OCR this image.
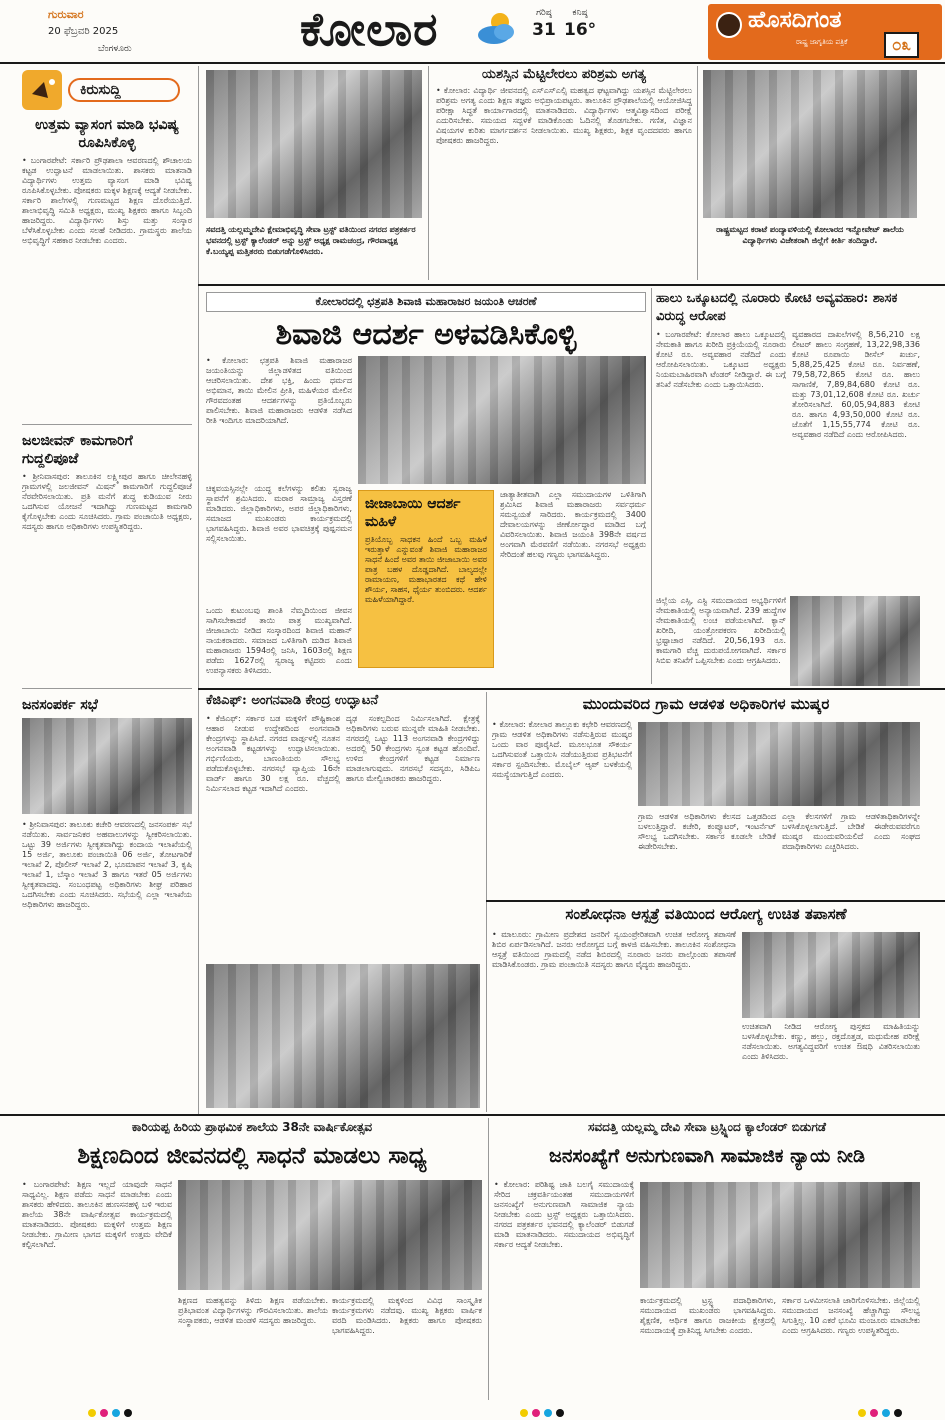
ಗುರುವಾರ
20 ಫೆಬ್ರವರಿ 2025
ಬೆಂಗಳೂರು	ಕೋಲಾರ	ಗರಿಷ್ಠ
31
ಕನಿಷ್ಠ
16°	ಹೊಸದಿಗಂತ
ರಾಷ್ಟ್ರ ಜಾಗೃತಿಯ ಪತ್ರಿಕೆ	೦೩
ಕಿರುಸುದ್ದಿ
ಉತ್ತಮ ವ್ಯಾಸಂಗ ಮಾಡಿ ಭವಿಷ್ಯ ರೂಪಿಸಿಕೊಳ್ಳಿ
• ಬಂಗಾರಪೇಟೆ: ಸರ್ಕಾರಿ ಪ್ರೌಢಶಾಲಾ ಆವರಣದಲ್ಲಿ ಶೌಚಾಲಯ ಕಟ್ಟಡ ಉದ್ಘಾಟನೆ ಮಾಡಲಾಯಿತು. ಶಾಸಕರು ಮಾತನಾಡಿ ವಿದ್ಯಾರ್ಥಿಗಳು ಉತ್ತಮ ವ್ಯಾಸಂಗ ಮಾಡಿ ಭವಿಷ್ಯ ರೂಪಿಸಿಕೊಳ್ಳಬೇಕು. ಪೋಷಕರು ಮಕ್ಕಳ ಶಿಕ್ಷಣಕ್ಕೆ ಆದ್ಯತೆ ನೀಡಬೇಕು. ಸರ್ಕಾರಿ ಶಾಲೆಗಳಲ್ಲಿ ಗುಣಮಟ್ಟದ ಶಿಕ್ಷಣ ದೊರೆಯುತ್ತಿದೆ. ಶಾಲಾಭಿವೃದ್ಧಿ ಸಮಿತಿ ಅಧ್ಯಕ್ಷರು, ಮುಖ್ಯ ಶಿಕ್ಷಕರು ಹಾಗೂ ಸಿಬ್ಬಂದಿ ಹಾಜರಿದ್ದರು. ವಿದ್ಯಾರ್ಥಿಗಳು ಶಿಸ್ತು ಮತ್ತು ಸಂಸ್ಕಾರ ಬೆಳೆಸಿಕೊಳ್ಳಬೇಕು ಎಂದು ಸಲಹೆ ನೀಡಿದರು. ಗ್ರಾಮಸ್ಥರು ಶಾಲೆಯ ಅಭಿವೃದ್ಧಿಗೆ ಸಹಕಾರ ನೀಡಬೇಕು ಎಂದರು.
ಜಲಜೀವನ್ ಕಾಮಗಾರಿಗೆ ಗುದ್ದಲಿಪೂಜೆ
• ಶ್ರೀನಿವಾಸಪುರ: ತಾಲೂಕಿನ ಲಕ್ಷ್ಮೀಪುರ ಹಾಗೂ ಚೀಲೇನಹಳ್ಳಿ ಗ್ರಾಮಗಳಲ್ಲಿ ಜಲಜೀವನ್ ಮಿಷನ್ ಕಾಮಗಾರಿಗೆ ಗುದ್ದಲಿಪೂಜೆ ನೆರವೇರಿಸಲಾಯಿತು. ಪ್ರತಿ ಮನೆಗೆ ಶುದ್ಧ ಕುಡಿಯುವ ನೀರು ಒದಗಿಸುವ ಯೋಜನೆ ಇದಾಗಿದ್ದು ಗುಣಮಟ್ಟದ ಕಾಮಗಾರಿ ಕೈಗೊಳ್ಳಬೇಕು ಎಂದು ಸೂಚಿಸಿದರು. ಗ್ರಾಮ ಪಂಚಾಯಿತಿ ಅಧ್ಯಕ್ಷರು, ಸದಸ್ಯರು ಹಾಗೂ ಅಧಿಕಾರಿಗಳು ಉಪಸ್ಥಿತರಿದ್ದರು.
ಜನಸಂಪರ್ಕ ಸಭೆ
• ಶ್ರೀನಿವಾಸಪುರ: ತಾಲೂಕು ಕಚೇರಿ ಆವರಣದಲ್ಲಿ ಜನಸಂಪರ್ಕ ಸಭೆ ನಡೆಯಿತು. ಸಾರ್ವಜನಿಕರ ಅಹವಾಲುಗಳನ್ನು ಸ್ವೀಕರಿಸಲಾಯಿತು. ಒಟ್ಟು 39 ಅರ್ಜಿಗಳು ಸ್ವೀಕೃತವಾಗಿದ್ದು ಕಂದಾಯ ಇಲಾಖೆಯಲ್ಲಿ 15 ಅರ್ಜಿ, ತಾಲೂಕು ಪಂಚಾಯಿತಿ 06 ಅರ್ಜಿ, ತೋಟಗಾರಿಕೆ ಇಲಾಖೆ 2, ಪೊಲೀಸ್ ಇಲಾಖೆ 2, ಭೂಮಾಪನ ಇಲಾಖೆ 3, ಕೃಷಿ ಇಲಾಖೆ 1, ಬೆಸ್ಕಾಂ ಇಲಾಖೆ 3 ಹಾಗೂ ಇತರೆ 05 ಅರ್ಜಿಗಳು ಸ್ವೀಕೃತವಾದವು. ಸಂಬಂಧಪಟ್ಟ ಅಧಿಕಾರಿಗಳು ಶೀಘ್ರ ಪರಿಹಾರ ಒದಗಿಸಬೇಕು ಎಂದು ಸೂಚಿಸಿದರು. ಸಭೆಯಲ್ಲಿ ಎಲ್ಲಾ ಇಲಾಖೆಯ ಅಧಿಕಾರಿಗಳು ಹಾಜರಿದ್ದರು.
ಸವದತ್ತಿ ಯಲ್ಲಮ್ಮದೇವಿ ಕ್ಷೇಮಾಭಿವೃದ್ಧಿ ಸೇವಾ ಟ್ರಸ್ಟ್ ವತಿಯಿಂದ ನಗರದ ಪತ್ರಕರ್ತರ ಭವನದಲ್ಲಿ ಟ್ರಸ್ಟ್ ಕ್ಯಾಲೆಂಡರ್ ಅನ್ನು ಟ್ರಸ್ಟ್ ಅಧ್ಯಕ್ಷ ರಾಮಚಂದ್ರ, ಗೌರವಾಧ್ಯಕ್ಷ ಕೆ.ಬಯ್ಯಪ್ಪ ಮತ್ತಿತರರು ಬಿಡುಗಡೆಗೊಳಿಸಿದರು.
ಯಶಸ್ಸಿನ ಮೆಟ್ಟಿಲೇರಲು ಪರಿಶ್ರಮ ಅಗತ್ಯ
• ಕೋಲಾರ: ವಿದ್ಯಾರ್ಥಿ ಜೀವನದಲ್ಲಿ ಎಸ್ಎಸ್ಎಲ್ಸಿ ಮಹತ್ವದ ಘಟ್ಟವಾಗಿದ್ದು ಯಶಸ್ಸಿನ ಮೆಟ್ಟಿಲೇರಲು ಪರಿಶ್ರಮ ಅಗತ್ಯ ಎಂದು ಶಿಕ್ಷಣ ತಜ್ಞರು ಅಭಿಪ್ರಾಯಪಟ್ಟರು. ತಾಲೂಕಿನ ಪ್ರೌಢಶಾಲೆಯಲ್ಲಿ ಆಯೋಜಿಸಿದ್ದ ಪರೀಕ್ಷಾ ಸಿದ್ಧತೆ ಕಾರ್ಯಾಗಾರದಲ್ಲಿ ಮಾತನಾಡಿದರು. ವಿದ್ಯಾರ್ಥಿಗಳು ಆತ್ಮವಿಶ್ವಾಸದಿಂದ ಪರೀಕ್ಷೆ ಎದುರಿಸಬೇಕು. ಸಮಯದ ಸದ್ಬಳಕೆ ಮಾಡಿಕೊಂಡು ಓದಿನಲ್ಲಿ ತೊಡಗಬೇಕು. ಗಣಿತ, ವಿಜ್ಞಾನ ವಿಷಯಗಳ ಕುರಿತು ಮಾರ್ಗದರ್ಶನ ನೀಡಲಾಯಿತು. ಮುಖ್ಯ ಶಿಕ್ಷಕರು, ಶಿಕ್ಷಕ ವೃಂದದವರು ಹಾಗೂ ಪೋಷಕರು ಹಾಜರಿದ್ದರು.
ರಾಷ್ಟ್ರಮಟ್ಟದ ಕರಾಟೆ ಪಂದ್ಯಾವಳಿಯಲ್ಲಿ ಕೋಲಾರದ ಇನ್ನೋವೇಟ್ ಶಾಲೆಯ ವಿದ್ಯಾರ್ಥಿಗಳು ವಿಜೇತರಾಗಿ ಜಿಲ್ಲೆಗೆ ಕೀರ್ತಿ ತಂದಿದ್ದಾರೆ.
ಕೋಲಾರದಲ್ಲಿ ಛತ್ರಪತಿ ಶಿವಾಜಿ ಮಹಾರಾಜರ ಜಯಂತಿ ಆಚರಣೆ
ಶಿವಾಜಿ ಆದರ್ಶ ಅಳವಡಿಸಿಕೊಳ್ಳಿ
• ಕೋಲಾರ: ಛತ್ರಪತಿ ಶಿವಾಜಿ ಮಹಾರಾಜರ ಜಯಂತಿಯನ್ನು ಜಿಲ್ಲಾಡಳಿತದ ವತಿಯಿಂದ ಆಚರಿಸಲಾಯಿತು. ದೇಶ ಭಕ್ತಿ, ಹಿಂದು ಧರ್ಮದ ಅಭಿಮಾನ, ತಾಯಿ ಮೇಲಿನ ಪ್ರೀತಿ, ಮಹಿಳೆಯರ ಮೇಲಿನ ಗೌರವದಂತಹ ಆದರ್ಶಗಳನ್ನು ಪ್ರತಿಯೊಬ್ಬರು ಪಾಲಿಸಬೇಕು. ಶಿವಾಜಿ ಮಹಾರಾಜರು ಆಡಳಿತ ನಡೆಸಿದ ರೀತಿ ಇಂದಿಗೂ ಮಾದರಿಯಾಗಿದೆ.
ಚಿಕ್ಕವಯಸ್ಸಿನಲ್ಲೇ ಯುದ್ಧ ಕಲೆಗಳನ್ನು ಕಲಿತು ಸ್ವರಾಜ್ಯ ಸ್ಥಾಪನೆಗೆ ಶ್ರಮಿಸಿದರು. ಮರಾಠ ಸಾಮ್ರಾಜ್ಯ ವಿಸ್ತರಣೆ ಮಾಡಿದರು. ಜಿಲ್ಲಾಧಿಕಾರಿಗಳು, ಅಪರ ಜಿಲ್ಲಾಧಿಕಾರಿಗಳು, ಸಮಾಜದ ಮುಖಂಡರು ಕಾರ್ಯಕ್ರಮದಲ್ಲಿ ಭಾಗವಹಿಸಿದ್ದರು. ಶಿವಾಜಿ ಅವರ ಭಾವಚಿತ್ರಕ್ಕೆ ಪುಷ್ಪನಮನ ಸಲ್ಲಿಸಲಾಯಿತು.
ಜೀಜಾಬಾಯಿ ಆದರ್ಶ ಮಹಿಳೆ
ಪ್ರತಿಯೊಬ್ಬ ಸಾಧಕನ ಹಿಂದೆ ಒಬ್ಬ ಮಹಿಳೆ ಇರುತ್ತಾಳೆ ಎನ್ನುವಂತೆ ಶಿವಾಜಿ ಮಹಾರಾಜರ ಸಾಧನೆ ಹಿಂದೆ ಅವರ ತಾಯಿ ಜೀಜಾಬಾಯಿ ಅವರ ಪಾತ್ರ ಬಹಳ ದೊಡ್ಡದಾಗಿದೆ. ಬಾಲ್ಯದಲ್ಲೇ ರಾಮಾಯಣ, ಮಹಾಭಾರತದ ಕಥೆ ಹೇಳಿ ಶೌರ್ಯ, ಸಾಹಸ, ಧೈರ್ಯ ತುಂಬಿದರು. ಆದರ್ಶ ಮಹಿಳೆಯಾಗಿದ್ದಾರೆ.
ಒಂದು ಕುಟುಂಬವು ಶಾಂತಿ ನೆಮ್ಮದಿಯಿಂದ ಜೀವನ ಸಾಗಿಸಬೇಕಾದರೆ ತಾಯಿ ಪಾತ್ರ ಮುಖ್ಯವಾಗಿದೆ. ಜೀಜಾಬಾಯಿ ನೀಡಿದ ಸಂಸ್ಕಾರದಿಂದ ಶಿವಾಜಿ ಮಹಾನ್ ನಾಯಕರಾದರು. ಸಮಾಜದ ಒಳಿತಿಗಾಗಿ ದುಡಿದ ಶಿವಾಜಿ ಮಹಾರಾಜರು 1594ರಲ್ಲಿ ಜನಿಸಿ, 1603ರಲ್ಲಿ ಶಿಕ್ಷಣ ಪಡೆದು 1627ರಲ್ಲಿ ಸ್ವರಾಜ್ಯ ಕಟ್ಟಿದರು ಎಂದು ಉಪನ್ಯಾಸಕರು ತಿಳಿಸಿದರು.
ಜಾತ್ಯಾತೀತವಾಗಿ ಎಲ್ಲಾ ಸಮುದಾಯಗಳ ಒಳಿತಿಗಾಗಿ ಶ್ರಮಿಸಿದ ಶಿವಾಜಿ ಮಹಾರಾಜರು ಸರ್ವಧರ್ಮ ಸಮನ್ವಯತೆ ಸಾರಿದರು. ಕಾರ್ಯಕ್ರಮದಲ್ಲಿ 3400 ದೇವಾಲಯಗಳನ್ನು ಜೀರ್ಣೋದ್ಧಾರ ಮಾಡಿದ ಬಗ್ಗೆ ವಿವರಿಸಲಾಯಿತು. ಶಿವಾಜಿ ಜಯಂತಿ 398ನೇ ವರ್ಷದ ಅಂಗವಾಗಿ ಮೆರವಣಿಗೆ ನಡೆಯಿತು. ನಗರಸಭೆ ಅಧ್ಯಕ್ಷರು ಸೇರಿದಂತೆ ಹಲವು ಗಣ್ಯರು ಭಾಗವಹಿಸಿದ್ದರು.
ಹಾಲು ಒಕ್ಕೂಟದಲ್ಲಿ ನೂರಾರು ಕೋಟಿ ಅವ್ಯವಹಾರ: ಶಾಸಕ ವಿರುದ್ಧ ಆರೋಪ
• ಬಂಗಾರಪೇಟೆ: ಕೋಲಾರ ಹಾಲು ಒಕ್ಕೂಟದಲ್ಲಿ ನೇಮಕಾತಿ ಹಾಗೂ ಖರೀದಿ ಪ್ರಕ್ರಿಯೆಯಲ್ಲಿ ನೂರಾರು ಕೋಟಿ ರೂ. ಅವ್ಯವಹಾರ ನಡೆದಿದೆ ಎಂದು ಆರೋಪಿಸಲಾಯಿತು. ಒಕ್ಕೂಟದ ಅಧ್ಯಕ್ಷರು ನಿಯಮಬಾಹಿರವಾಗಿ ಟೆಂಡರ್ ನೀಡಿದ್ದಾರೆ. ಈ ಬಗ್ಗೆ ತನಿಖೆ ನಡೆಸಬೇಕು ಎಂದು ಒತ್ತಾಯಿಸಿದರು.
ವ್ಯವಹಾರದ ದಾಖಲೆಗಳಲ್ಲಿ 8,56,210 ಲಕ್ಷ ಲೀಟರ್ ಹಾಲು ಸಂಗ್ರಹಣೆ, 13,22,98,336 ಕೋಟಿ ರೂಪಾಯಿ ಡೀಸೆಲ್ ಖರ್ಚು, 5,88,25,425 ಕೋಟಿ ರೂ. ನಿರ್ವಹಣೆ, 79,58,72,865 ಕೋಟಿ ರೂ. ಹಾಲು ಸಾಗಾಣಿಕೆ, 7,89,84,680 ಕೋಟಿ ರೂ. ಮತ್ತು 73,01,12,608 ಕೋಟಿ ರೂ. ಖರ್ಚು ತೋರಿಸಲಾಗಿದೆ. 60,05,94,883 ಕೋಟಿ ರೂ. ಹಾಗೂ 4,93,50,000 ಕೋಟಿ ರೂ. ಜೊತೆಗೆ 1,15,55,774 ಕೋಟಿ ರೂ. ಅವ್ಯವಹಾರ ನಡೆದಿದೆ ಎಂದು ಆರೋಪಿಸಿದರು.
ಜಿಲ್ಲೆಯ ಎಸ್ಸಿ, ಎಸ್ಟಿ ಸಮುದಾಯದ ಅಭ್ಯರ್ಥಿಗಳಿಗೆ ನೇಮಕಾತಿಯಲ್ಲಿ ಅನ್ಯಾಯವಾಗಿದೆ. 239 ಹುದ್ದೆಗಳ ನೇಮಕಾತಿಯಲ್ಲಿ ಲಂಚ ಪಡೆಯಲಾಗಿದೆ. ಕ್ಯಾನ್ ಖರೀದಿ, ಯಂತ್ರೋಪಕರಣ ಖರೀದಿಯಲ್ಲಿ ಭ್ರಷ್ಟಾಚಾರ ನಡೆದಿದೆ. 20,56,193 ರೂ. ಕಾಮಗಾರಿ ವೆಚ್ಚ ದುರುಪಯೋಗವಾಗಿದೆ. ಸರ್ಕಾರ ಸಿಬಿಐ ತನಿಖೆಗೆ ಒಪ್ಪಿಸಬೇಕು ಎಂದು ಆಗ್ರಹಿಸಿದರು.
ಕೆಜಿಎಫ್: ಅಂಗನವಾಡಿ ಕೇಂದ್ರ ಉದ್ಘಾಟನೆ
• ಕೆಜಿಎಫ್: ಸರ್ಕಾರ ಬಡ ಮಕ್ಕಳಿಗೆ ಪೌಷ್ಟಿಕಾಂಶ ಆಹಾರ ನೀಡುವ ಉದ್ದೇಶದಿಂದ ಅಂಗನವಾಡಿ ಕೇಂದ್ರಗಳನ್ನು ಸ್ಥಾಪಿಸಿದೆ. ನಗರದ ವಾರ್ಡ್ಗಳಲ್ಲಿ ನೂತನ ಅಂಗನವಾಡಿ ಕಟ್ಟಡಗಳನ್ನು ಉದ್ಘಾಟಿಸಲಾಯಿತು. ಗರ್ಭಿಣಿಯರು, ಬಾಣಂತಿಯರು ಸೌಲಭ್ಯ ಪಡೆದುಕೊಳ್ಳಬೇಕು. ನಗರಸಭೆ ವ್ಯಾಪ್ತಿಯ 16ನೇ ವಾರ್ಡ್ ಹಾಗೂ 30 ಲಕ್ಷ ರೂ. ವೆಚ್ಚದಲ್ಲಿ ನಿರ್ಮಿಸಲಾದ ಕಟ್ಟಡ ಇದಾಗಿದೆ ಎಂದರು.
ದೃಢ ಸಂಕಲ್ಪದಿಂದ ನಿರ್ಮಿಸಲಾಗಿದೆ. ಕ್ಷೇತ್ರಕ್ಕೆ ಅಧಿಕಾರಿಗಳು ಬರುವ ಮುನ್ನವೇ ಮಾಹಿತಿ ನೀಡಬೇಕು. ನಗರದಲ್ಲಿ ಒಟ್ಟು 113 ಅಂಗನವಾಡಿ ಕೇಂದ್ರಗಳಿದ್ದು ಅದರಲ್ಲಿ 50 ಕೇಂದ್ರಗಳು ಸ್ವಂತ ಕಟ್ಟಡ ಹೊಂದಿವೆ. ಉಳಿದ ಕೇಂದ್ರಗಳಿಗೆ ಕಟ್ಟಡ ನಿರ್ಮಾಣ ಮಾಡಲಾಗುವುದು. ನಗರಸಭೆ ಸದಸ್ಯರು, ಸಿಡಿಪಿಒ ಹಾಗೂ ಮೇಲ್ವಿಚಾರಕರು ಹಾಜರಿದ್ದರು.
ಮುಂದುವರಿದ ಗ್ರಾಮ ಆಡಳಿತ ಅಧಿಕಾರಿಗಳ ಮುಷ್ಕರ
• ಕೋಲಾರ: ಕೋಲಾರ ತಾಲ್ಲೂಕು ಕಛೇರಿ ಆವರಣದಲ್ಲಿ ಗ್ರಾಮ ಆಡಳಿತ ಅಧಿಕಾರಿಗಳು ನಡೆಸುತ್ತಿರುವ ಮುಷ್ಕರ ಒಂದು ವಾರ ಪೂರೈಸಿದೆ. ಮೂಲಭೂತ ಸೌಕರ್ಯ ಒದಗಿಸುವಂತೆ ಒತ್ತಾಯಿಸಿ ನಡೆಯುತ್ತಿರುವ ಪ್ರತಿಭಟನೆಗೆ ಸರ್ಕಾರ ಸ್ಪಂದಿಸಬೇಕು. ಮೊಬೈಲ್ ಆ್ಯಪ್ ಬಳಕೆಯಲ್ಲಿ ಸಮಸ್ಯೆಯಾಗುತ್ತಿದೆ ಎಂದರು.
ಗ್ರಾಮ ಆಡಳಿತ ಅಧಿಕಾರಿಗಳು ಕೆಲಸದ ಒತ್ತಡದಿಂದ ಬಳಲುತ್ತಿದ್ದಾರೆ. ಕಚೇರಿ, ಕಂಪ್ಯೂಟರ್, ಇಂಟರ್ನೆಟ್ ಸೌಲಭ್ಯ ಒದಗಿಸಬೇಕು. ಸರ್ಕಾರ ಕೂಡಲೇ ಬೇಡಿಕೆ ಈಡೇರಿಸಬೇಕು.
ಎಲ್ಲಾ ಕೆಲಸಗಳಿಗೆ ಗ್ರಾಮ ಆಡಳಿತಾಧಿಕಾರಿಗಳನ್ನೇ ಬಳಸಿಕೊಳ್ಳಲಾಗುತ್ತಿದೆ. ಬೇಡಿಕೆ ಈಡೇರುವವರೆಗೂ ಮುಷ್ಕರ ಮುಂದುವರಿಯಲಿದೆ ಎಂದು ಸಂಘದ ಪದಾಧಿಕಾರಿಗಳು ಎಚ್ಚರಿಸಿದರು.
ಸಂಶೋಧನಾ ಆಸ್ಪತ್ರೆ ವತಿಯಿಂದ ಆರೋಗ್ಯ ಉಚಿತ ತಪಾಸಣೆ
• ಮಾಲೂರು: ಗ್ರಾಮೀಣ ಪ್ರದೇಶದ ಜನರಿಗೆ ಸ್ವಯಂಪ್ರೇರಿತವಾಗಿ ಉಚಿತ ಆರೋಗ್ಯ ತಪಾಸಣೆ ಶಿಬಿರ ಏರ್ಪಡಿಸಲಾಗಿದೆ. ಜನರು ಆರೋಗ್ಯದ ಬಗ್ಗೆ ಕಾಳಜಿ ವಹಿಸಬೇಕು. ತಾಲೂಕಿನ ಸಂಶೋಧನಾ ಆಸ್ಪತ್ರೆ ವತಿಯಿಂದ ಗ್ರಾಮದಲ್ಲಿ ನಡೆದ ಶಿಬಿರದಲ್ಲಿ ನೂರಾರು ಜನರು ಪಾಲ್ಗೊಂಡು ತಪಾಸಣೆ ಮಾಡಿಸಿಕೊಂಡರು. ಗ್ರಾಮ ಪಂಚಾಯಿತಿ ಸದಸ್ಯರು ಹಾಗೂ ವೈದ್ಯರು ಹಾಜರಿದ್ದರು.
ಉಚಿತವಾಗಿ ನೀಡಿದ ಆರೋಗ್ಯ ಪುಸ್ತಕದ ಮಾಹಿತಿಯನ್ನು ಬಳಸಿಕೊಳ್ಳಬೇಕು. ಕಣ್ಣು, ಹಲ್ಲು, ರಕ್ತದೊತ್ತಡ, ಮಧುಮೇಹ ಪರೀಕ್ಷೆ ನಡೆಸಲಾಯಿತು. ಅಗತ್ಯವಿದ್ದವರಿಗೆ ಉಚಿತ ಔಷಧಿ ವಿತರಿಸಲಾಯಿತು ಎಂದು ತಿಳಿಸಿದರು.
ಕಾರಿಯಪ್ಪ ಹಿರಿಯ ಪ್ರಾಥಮಿಕ ಶಾಲೆಯ 38ನೇ ವಾರ್ಷಿಕೋತ್ಸವ
ಶಿಕ್ಷಣದಿಂದ ಜೀವನದಲ್ಲಿ ಸಾಧನೆ ಮಾಡಲು ಸಾಧ್ಯ
• ಬಂಗಾರಪೇಟೆ: ಶಿಕ್ಷಣ ಇಲ್ಲದೆ ಯಾವುದೇ ಸಾಧನೆ ಸಾಧ್ಯವಿಲ್ಲ. ಶಿಕ್ಷಣ ಪಡೆದು ಸಾಧನೆ ಮಾಡಬೇಕು ಎಂದು ಶಾಸಕರು ಹೇಳಿದರು. ತಾಲೂಕಿನ ಹುಣಸನಹಳ್ಳಿ ಬಳಿ ಇರುವ ಶಾಲೆಯ 38ನೇ ವಾರ್ಷಿಕೋತ್ಸವ ಕಾರ್ಯಕ್ರಮದಲ್ಲಿ ಮಾತನಾಡಿದರು. ಪೋಷಕರು ಮಕ್ಕಳಿಗೆ ಉತ್ತಮ ಶಿಕ್ಷಣ ನೀಡಬೇಕು. ಗ್ರಾಮೀಣ ಭಾಗದ ಮಕ್ಕಳಿಗೆ ಉತ್ತಮ ವೇದಿಕೆ ಕಲ್ಪಿಸಲಾಗಿದೆ.
ಶಿಕ್ಷಣದ ಮಹತ್ವವನ್ನು ತಿಳಿದು ಶಿಕ್ಷಣ ಪಡೆಯಬೇಕು. ಪ್ರತಿಭಾವಂತ ವಿದ್ಯಾರ್ಥಿಗಳನ್ನು ಗೌರವಿಸಲಾಯಿತು. ಶಾಲೆಯ ಸಂಸ್ಥಾಪಕರು, ಆಡಳಿತ ಮಂಡಳಿ ಸದಸ್ಯರು ಹಾಜರಿದ್ದರು.
ಕಾರ್ಯಕ್ರಮದಲ್ಲಿ ಮಕ್ಕಳಿಂದ ವಿವಿಧ ಸಾಂಸ್ಕೃತಿಕ ಕಾರ್ಯಕ್ರಮಗಳು ನಡೆದವು. ಮುಖ್ಯ ಶಿಕ್ಷಕರು ವಾರ್ಷಿಕ ವರದಿ ಮಂಡಿಸಿದರು. ಶಿಕ್ಷಕರು ಹಾಗೂ ಪೋಷಕರು ಭಾಗವಹಿಸಿದ್ದರು.
ಸವದತ್ತಿ ಯಲ್ಲಮ್ಮ ದೇವಿ ಸೇವಾ ಟ್ರಸ್ಟ್ನಿಂದ ಕ್ಯಾಲೆಂಡರ್ ಬಿಡುಗಡೆ
ಜನಸಂಖ್ಯೆಗೆ ಅನುಗುಣವಾಗಿ ಸಾಮಾಜಿಕ ನ್ಯಾಯ ನೀಡಿ
• ಕೋಲಾರ: ಪರಿಶಿಷ್ಟ ಜಾತಿ ಬಲಗೈ ಸಮುದಾಯಕ್ಕೆ ಸೇರಿದ ಚಕ್ರವರ್ತಿಯಂತಹ ಸಮುದಾಯಗಳಿಗೆ ಜನಸಂಖ್ಯೆಗೆ ಅನುಗುಣವಾಗಿ ಸಾಮಾಜಿಕ ನ್ಯಾಯ ನೀಡಬೇಕು ಎಂದು ಟ್ರಸ್ಟ್ ಅಧ್ಯಕ್ಷರು ಒತ್ತಾಯಿಸಿದರು. ನಗರದ ಪತ್ರಕರ್ತರ ಭವನದಲ್ಲಿ ಕ್ಯಾಲೆಂಡರ್ ಬಿಡುಗಡೆ ಮಾಡಿ ಮಾತನಾಡಿದರು. ಸಮುದಾಯದ ಅಭಿವೃದ್ಧಿಗೆ ಸರ್ಕಾರ ಆದ್ಯತೆ ನೀಡಬೇಕು.
ಕಾರ್ಯಕ್ರಮದಲ್ಲಿ ಟ್ರಸ್ಟ್ನ ಪದಾಧಿಕಾರಿಗಳು, ಸಮುದಾಯದ ಮುಖಂಡರು ಭಾಗವಹಿಸಿದ್ದರು. ಶೈಕ್ಷಣಿಕ, ಆರ್ಥಿಕ ಹಾಗೂ ರಾಜಕೀಯ ಕ್ಷೇತ್ರದಲ್ಲಿ ಸಮುದಾಯಕ್ಕೆ ಪ್ರಾತಿನಿಧ್ಯ ಸಿಗಬೇಕು ಎಂದರು.
ಸರ್ಕಾರ ಒಳಮೀಸಲಾತಿ ಜಾರಿಗೊಳಿಸಬೇಕು. ಜಿಲ್ಲೆಯಲ್ಲಿ ಸಮುದಾಯದ ಜನಸಂಖ್ಯೆ ಹೆಚ್ಚಾಗಿದ್ದು ಸೌಲಭ್ಯ ಸಿಗುತ್ತಿಲ್ಲ. 10 ಎಕರೆ ಭೂಮಿ ಮಂಜೂರು ಮಾಡಬೇಕು ಎಂದು ಆಗ್ರಹಿಸಿದರು. ಗಣ್ಯರು ಉಪಸ್ಥಿತರಿದ್ದರು.
